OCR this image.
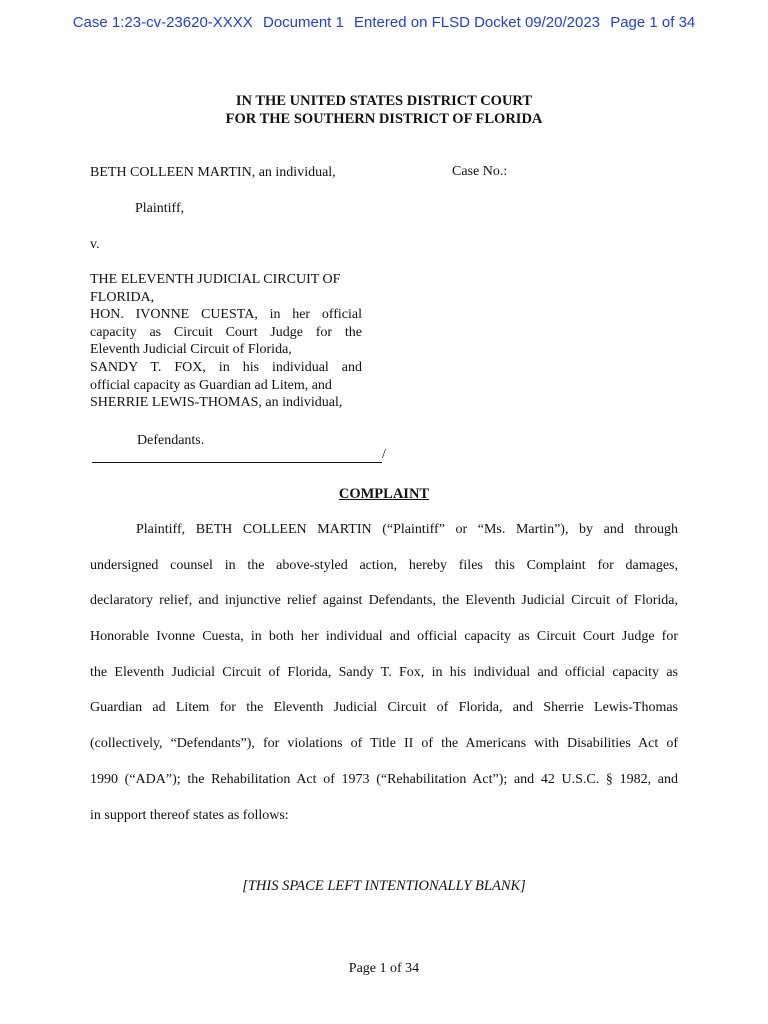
Case 1:23-cv-23620-XXXX Document 1 Entered on FLSD Docket 09/20/2023 Page 1 of 34
IN THE UNITED STATES DISTRICT COURT
FOR THE SOUTHERN DISTRICT OF FLORIDA
BETH COLLEEN MARTIN, an individual,	Case No.:
Plaintiff,
v.
THE ELEVENTH JUDICIAL CIRCUIT OF
FLORIDA,
HON. IVONNE CUESTA, in her official
capacity as Circuit Court Judge for the
Eleventh Judicial Circuit of Florida,
SANDY T. FOX, in his individual and
official capacity as Guardian ad Litem, and
SHERRIE LEWIS-THOMAS, an individual,
Defendants.
/
COMPLAINT
Plaintiff, BETH COLLEEN MARTIN (“Plaintiff” or “Ms. Martin”), by and through
undersigned counsel in the above-styled action, hereby files this Complaint for damages,
declaratory relief, and injunctive relief against Defendants, the Eleventh Judicial Circuit of Florida,
Honorable Ivonne Cuesta, in both her individual and official capacity as Circuit Court Judge for
the Eleventh Judicial Circuit of Florida, Sandy T. Fox, in his individual and official capacity as
Guardian ad Litem for the Eleventh Judicial Circuit of Florida, and Sherrie Lewis-Thomas
(collectively, “Defendants”), for violations of Title II of the Americans with Disabilities Act of
1990 (“ADA”); the Rehabilitation Act of 1973 (“Rehabilitation Act”); and 42 U.S.C. § 1982, and
in support thereof states as follows:
[THIS SPACE LEFT INTENTIONALLY BLANK]
Page 1 of 34
